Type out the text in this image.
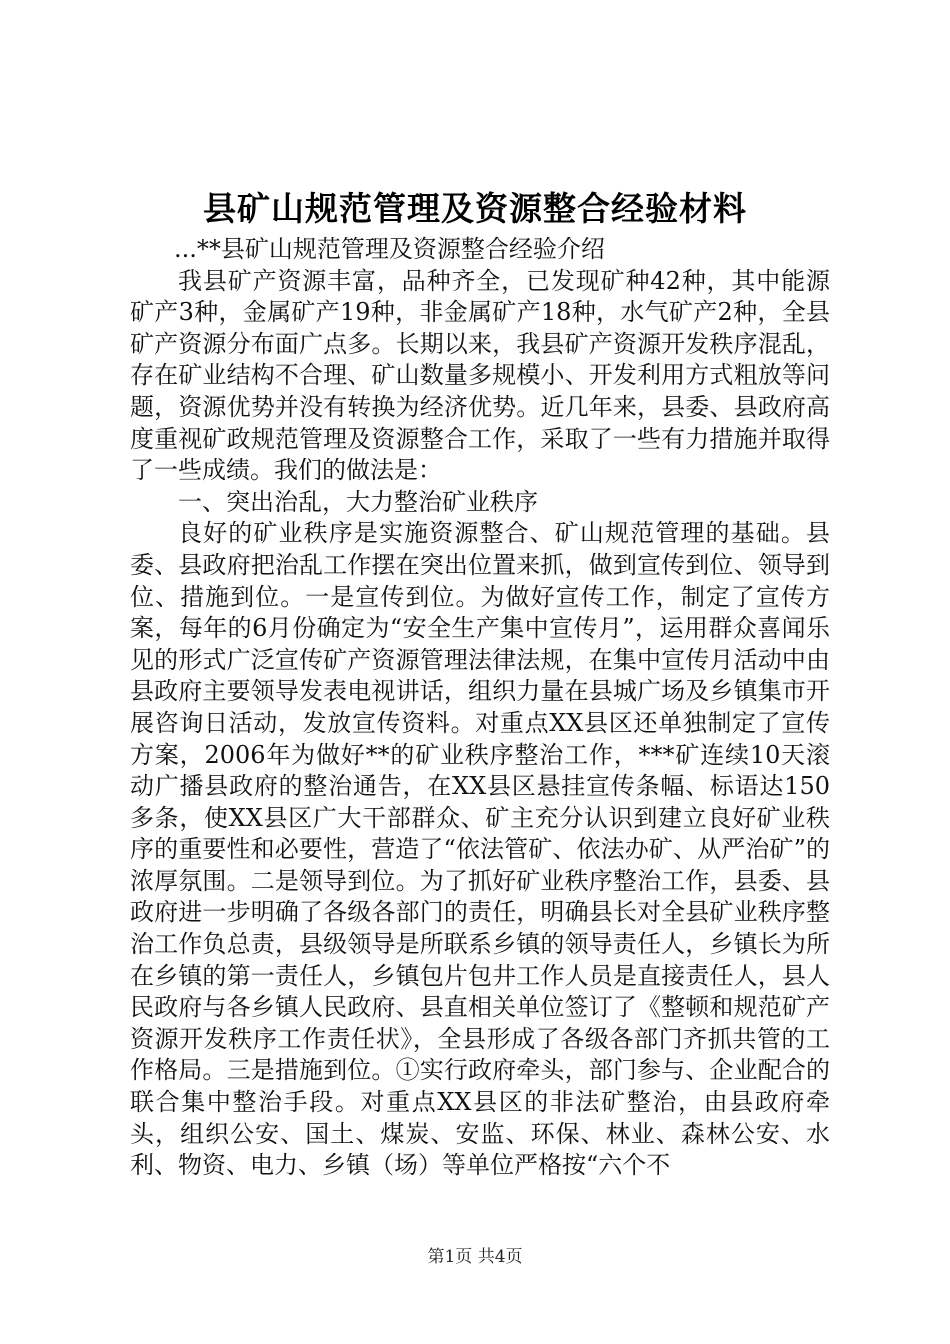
县矿山规范管理及资源整合经验材料

...**县矿山规范管理及资源整合经验介绍

我县矿产资源丰富，品种齐全，已发现矿种42种，其中能源矿产3种，金属矿产19种，非金属矿产18种，水气矿产2种，全县矿产资源分布面广点多。长期以来，我县矿产资源开发秩序混乱，存在矿业结构不合理、矿山数量多规模小、开发利用方式粗放等问题，资源优势并没有转换为经济优势。近几年来，县委、县政府高度重视矿政规范管理及资源整合工作，采取了一些有力措施并取得了一些成绩。我们的做法是：

一、突出治乱，大力整治矿业秩序

良好的矿业秩序是实施资源整合、矿山规范管理的基础。县委、县政府把治乱工作摆在突出位置来抓，做到宣传到位、领导到位、措施到位。一是宣传到位。为做好宣传工作，制定了宣传方案，每年的6月份确定为“安全生产集中宣传月”，运用群众喜闻乐见的形式广泛宣传矿产资源管理法律法规，在集中宣传月活动中由县政府主要领导发表电视讲话，组织力量在县城广场及乡镇集市开展咨询日活动，发放宣传资料。对重点XX县区还单独制定了宣传方案，2006年为做好**的矿业秩序整治工作，***矿连续10天滚动广播县政府的整治通告，在XX县区悬挂宣传条幅、标语达150多条，使XX县区广大干部群众、矿主充分认识到建立良好矿业秩序的重要性和必要性，营造了“依法管矿、依法办矿、从严治矿”的浓厚氛围。二是领导到位。为了抓好矿业秩序整治工作，县委、县政府进一步明确了各级各部门的责任，明确县长对全县矿业秩序整治工作负总责，县级领导是所联系乡镇的领导责任人，乡镇长为所在乡镇的第一责任人，乡镇包片包井工作人员是直接责任人，县人民政府与各乡镇人民政府、县直相关单位签订了《整顿和规范矿产资源开发秩序工作责任状》，全县形成了各级各部门齐抓共管的工作格局。三是措施到位。①实行政府牵头，部门参与、企业配合的联合集中整治手段。对重点XX县区的非法矿整治，由县政府牵头，组织公安、国土、煤炭、安监、环保、林业、森林公安、水利、物资、电力、乡镇（场）等单位严格按“六个不

第1页 共4页
